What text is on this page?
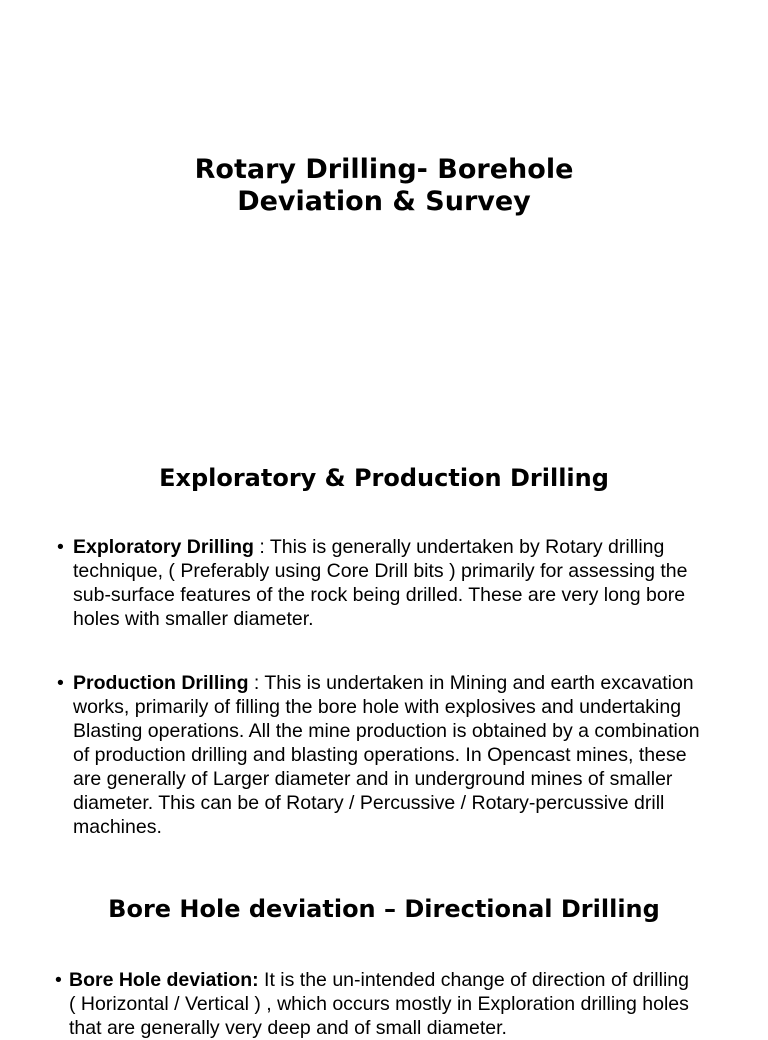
Rotary Drilling- Borehole
Deviation & Survey
Exploratory & Production Drilling
• Exploratory Drilling : This is generally undertaken by Rotary drilling technique, ( Preferably using Core Drill bits ) primarily for assessing the sub-surface features of the rock being drilled. These are very long bore holes with smaller diameter.
• Production Drilling : This is undertaken in Mining and earth excavation works, primarily of filling the bore hole with explosives and undertaking Blasting operations. All the mine production is obtained by a combination of production drilling and blasting operations. In Opencast mines, these are generally of Larger diameter and in underground mines of smaller diameter. This can be of Rotary / Percussive / Rotary-percussive drill machines.
Bore Hole deviation – Directional Drilling
• Bore Hole deviation: It is the un-intended change of direction of drilling ( Horizontal / Vertical ) , which occurs mostly in Exploration drilling holes that are generally very deep and of small diameter.
